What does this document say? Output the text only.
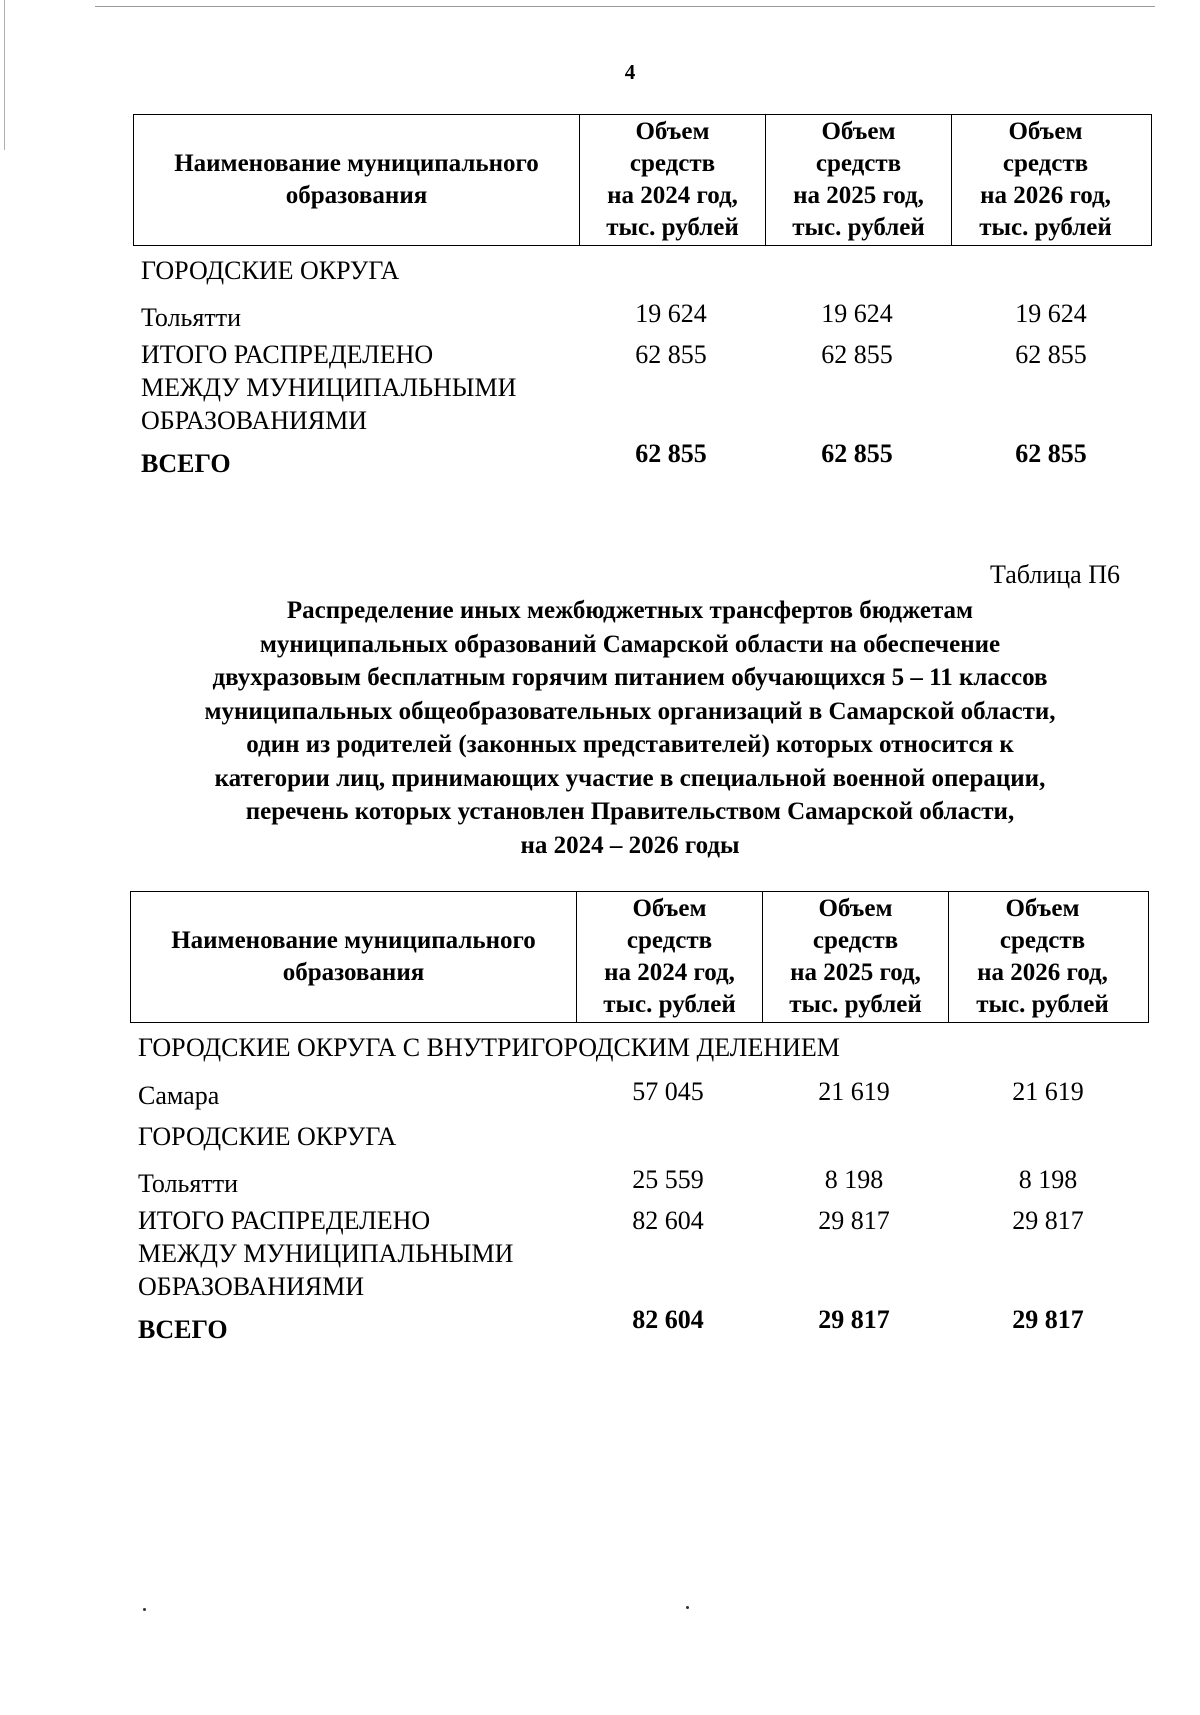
4
Наименование муниципального образования
Объем
средств
на 2024 год,
тыс. рублей
Объем
средств
на 2025 год,
тыс. рублей
Объем
средств
на 2026 год,
тыс. рублей
ГОРОДСКИЕ ОКРУГА
Тольятти	19 624	19 624	19 624
ИТОГО РАСПРЕДЕЛЕНО
МЕЖДУ МУНИЦИПАЛЬНЫМИ
ОБРАЗОВАНИЯМИ
62 855	62 855	62 855
ВСЕГО	62 855	62 855	62 855
Таблица П6
Распределение иных межбюджетных трансфертов бюджетам
муниципальных образований Самарской области на обеспечение
двухразовым бесплатным горячим питанием обучающихся 5 – 11 классов
муниципальных общеобразовательных организаций в Самарской области,
один из родителей (законных представителей) которых относится к
категории лиц, принимающих участие в специальной военной операции,
перечень которых установлен Правительством Самарской области,
на 2024 – 2026 годы
Наименование муниципального образования
Объем
средств
на 2024 год,
тыс. рублей
Объем
средств
на 2025 год,
тыс. рублей
Объем
средств
на 2026 год,
тыс. рублей
ГОРОДСКИЕ ОКРУГА С ВНУТРИГОРОДСКИМ ДЕЛЕНИЕМ
Самара	57 045	21 619	21 619
ГОРОДСКИЕ ОКРУГА
Тольятти	25 559	8 198	8 198
ИТОГО РАСПРЕДЕЛЕНО
МЕЖДУ МУНИЦИПАЛЬНЫМИ
ОБРАЗОВАНИЯМИ
82 604	29 817	29 817
ВСЕГО	82 604	29 817	29 817
